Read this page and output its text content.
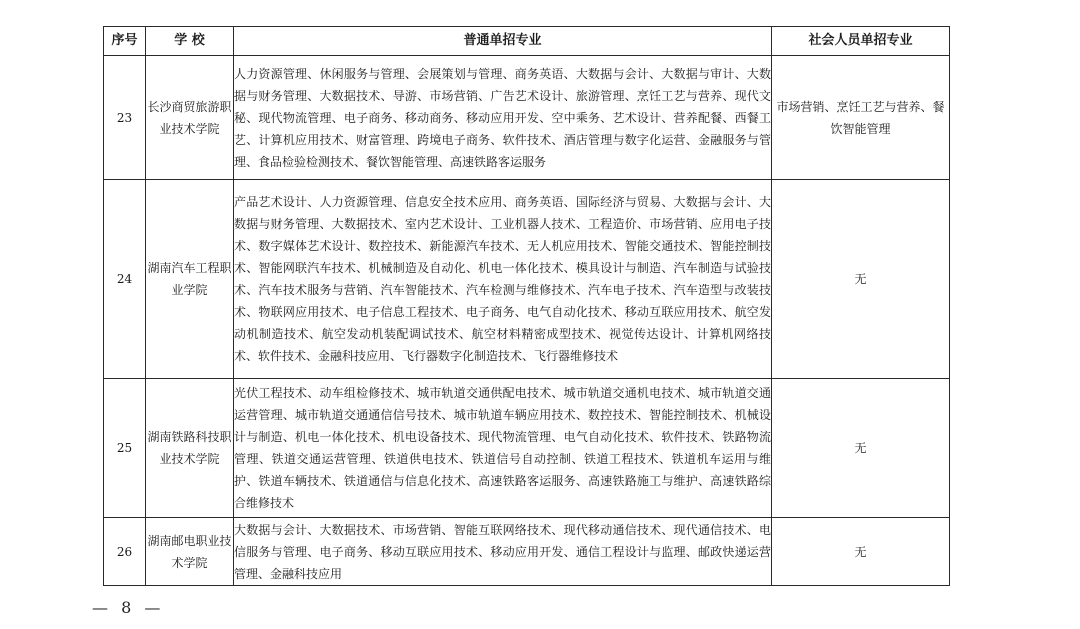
序号	学 校	普通单招专业	社会人员单招专业
23	长沙商贸旅游职业技术学院	人力资源管理、休闲服务与管理、会展策划与管理、商务英语、大数据与会计、大数据与审计、大数据与财务管理、大数据技术、导游、市场营销、广告艺术设计、旅游管理、烹饪工艺与营养、现代文秘、现代物流管理、电子商务、移动商务、移动应用开发、空中乘务、艺术设计、营养配餐、西餐工艺、计算机应用技术、财富管理、跨境电子商务、软件技术、酒店管理与数字化运营、金融服务与管理、食品检验检测技术、餐饮智能管理、高速铁路客运服务	市场营销、烹饪工艺与营养、餐饮智能管理
24	湖南汽车工程职业学院	产品艺术设计、人力资源管理、信息安全技术应用、商务英语、国际经济与贸易、大数据与会计、大数据与财务管理、大数据技术、室内艺术设计、工业机器人技术、工程造价、市场营销、应用电子技术、数字媒体艺术设计、数控技术、新能源汽车技术、无人机应用技术、智能交通技术、智能控制技术、智能网联汽车技术、机械制造及自动化、机电一体化技术、模具设计与制造、汽车制造与试验技术、汽车技术服务与营销、汽车智能技术、汽车检测与维修技术、汽车电子技术、汽车造型与改装技术、物联网应用技术、电子信息工程技术、电子商务、电气自动化技术、移动互联应用技术、航空发动机制造技术、航空发动机装配调试技术、航空材料精密成型技术、视觉传达设计、计算机网络技术、软件技术、金融科技应用、飞行器数字化制造技术、飞行器维修技术	无
25	湖南铁路科技职业技术学院	光伏工程技术、动车组检修技术、城市轨道交通供配电技术、城市轨道交通机电技术、城市轨道交通运营管理、城市轨道交通通信信号技术、城市轨道车辆应用技术、数控技术、智能控制技术、机械设计与制造、机电一体化技术、机电设备技术、现代物流管理、电气自动化技术、软件技术、铁路物流管理、铁道交通运营管理、铁道供电技术、铁道信号自动控制、铁道工程技术、铁道机车运用与维护、铁道车辆技术、铁道通信与信息化技术、高速铁路客运服务、高速铁路施工与维护、高速铁路综合维修技术	无
26	湖南邮电职业技术学院	大数据与会计、大数据技术、市场营销、智能互联网络技术、现代移动通信技术、现代通信技术、电信服务与管理、电子商务、移动互联应用技术、移动应用开发、通信工程设计与监理、邮政快递运营管理、金融科技应用	无
— 8 —
